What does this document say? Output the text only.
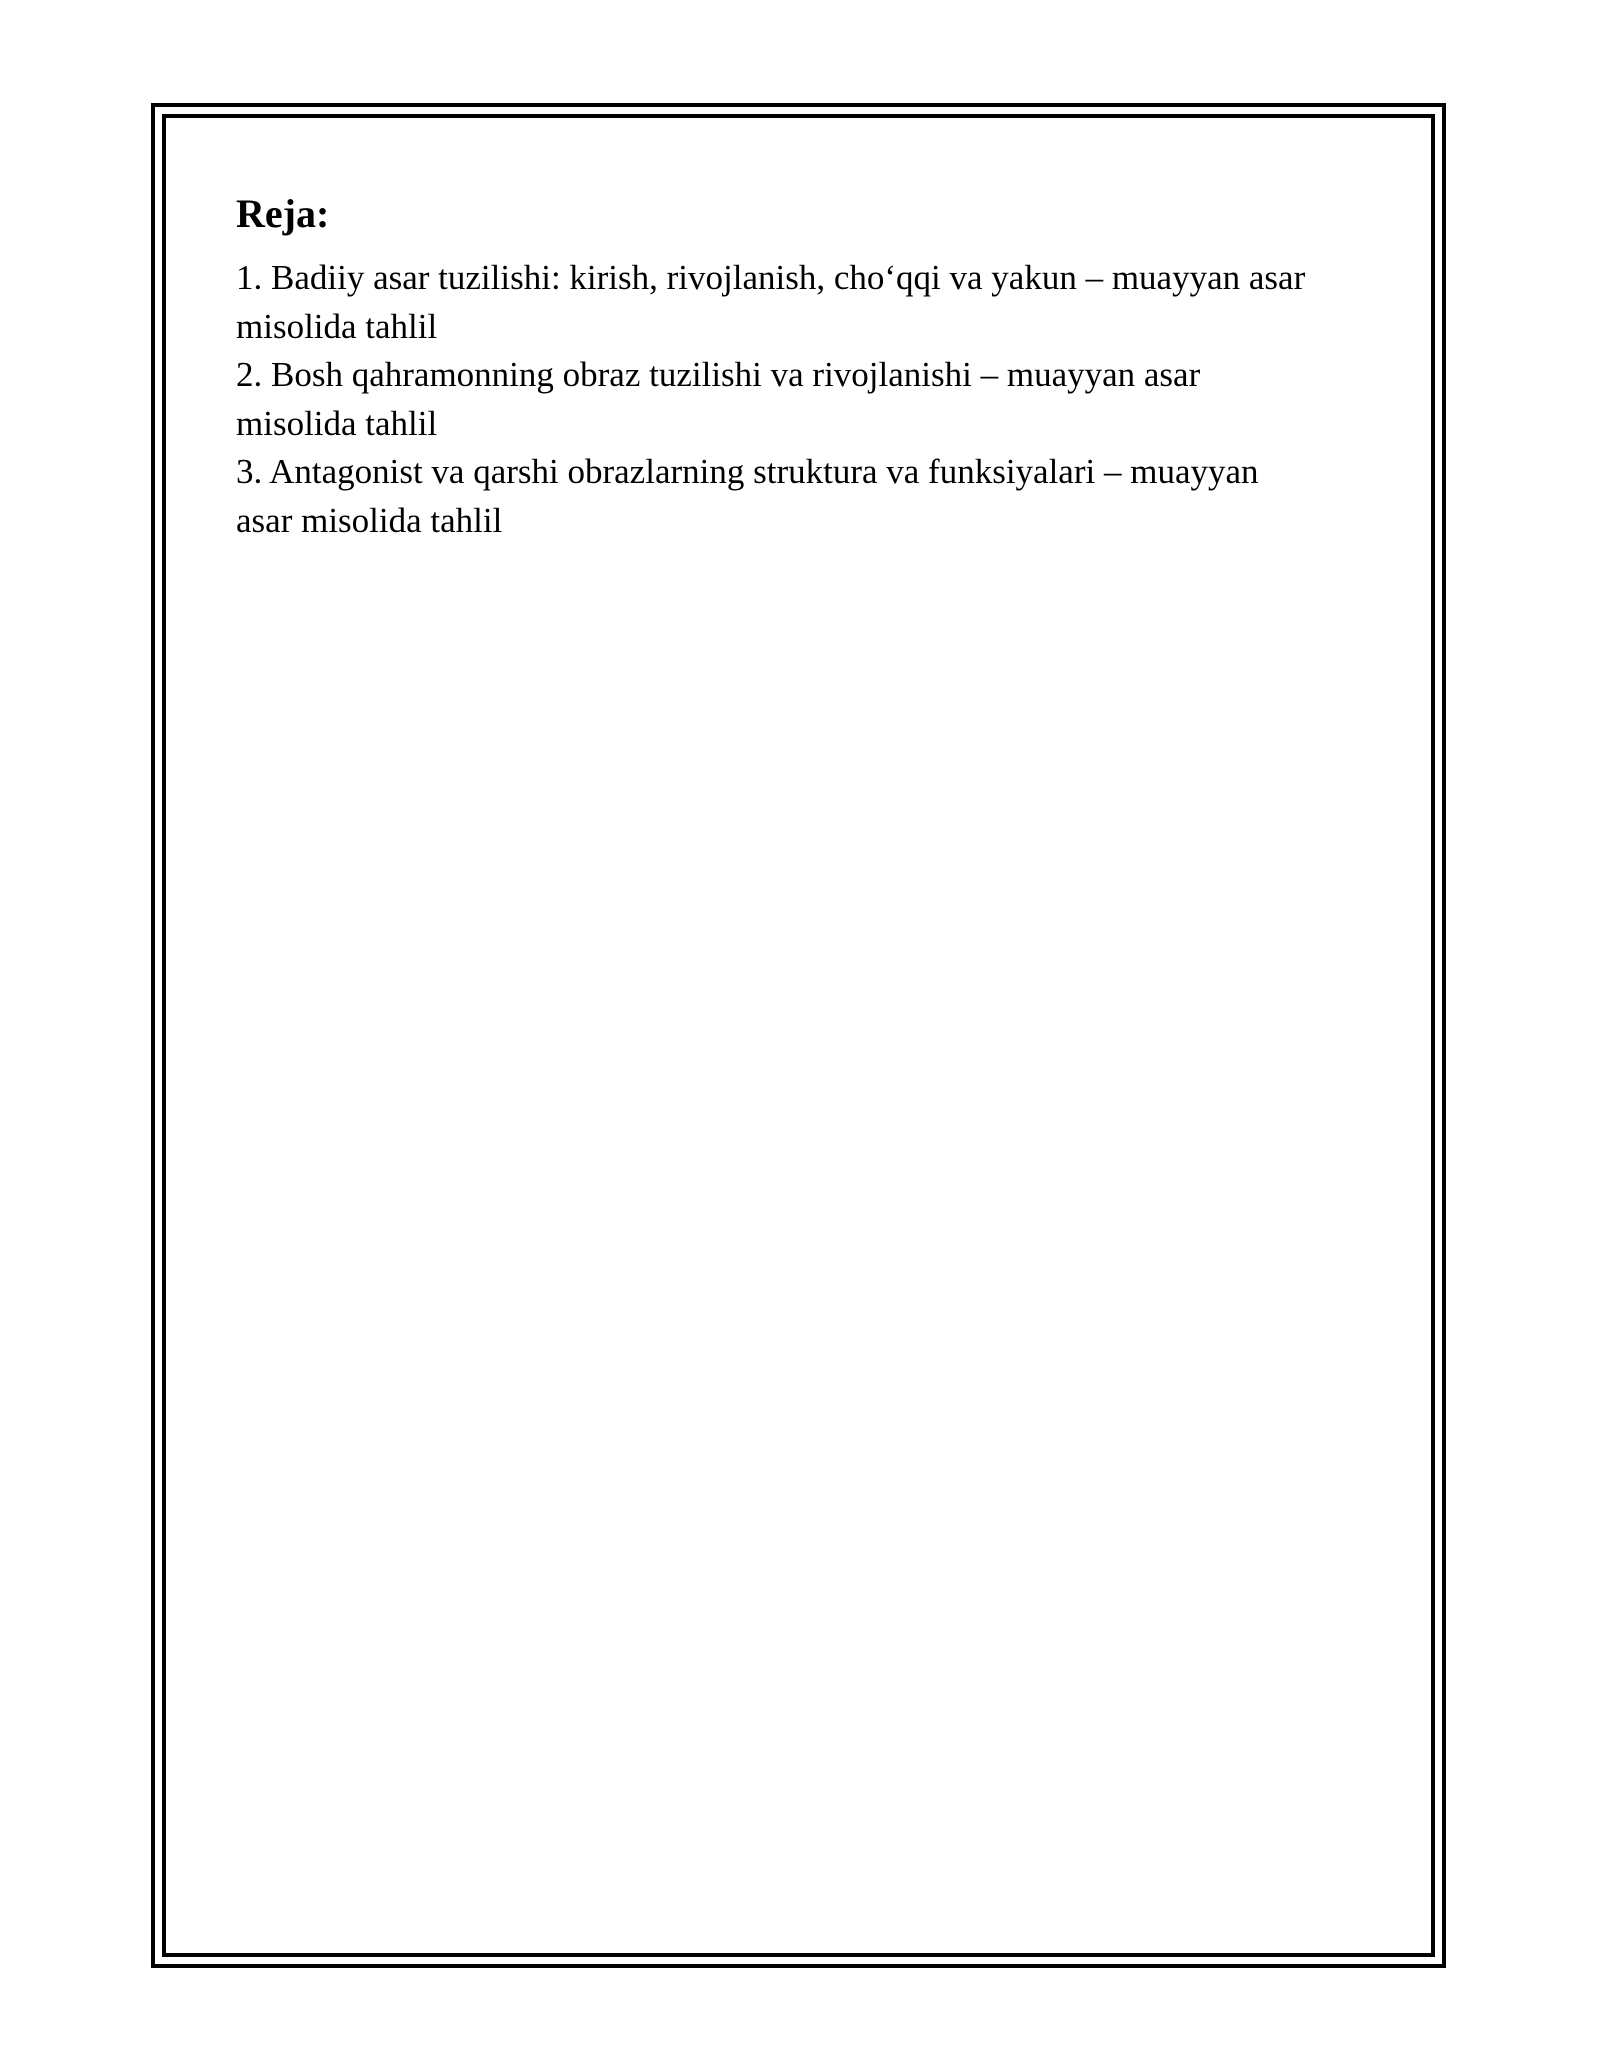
Reja:
1. Badiiy asar tuzilishi: kirish, rivojlanish, cho‘qqi va yakun – muayyan asar
misolida tahlil
2. Bosh qahramonning obraz tuzilishi va rivojlanishi – muayyan asar
misolida tahlil
3. Antagonist va qarshi obrazlarning struktura va funksiyalari – muayyan
asar misolida tahlil
